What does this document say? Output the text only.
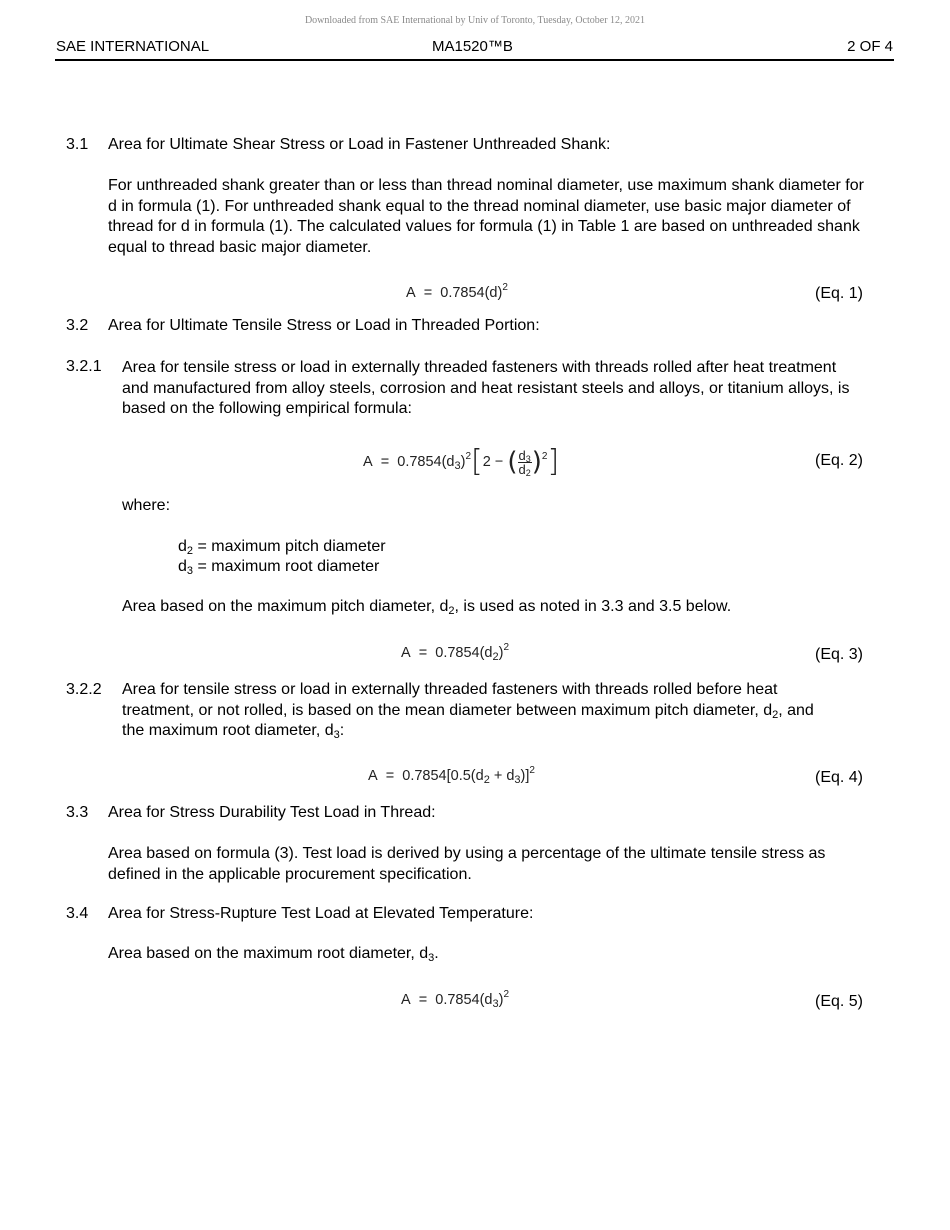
Downloaded from SAE International by Univ of Toronto, Tuesday, October 12, 2021
SAE INTERNATIONAL	MA1520™B	2 OF 4
3.1 Area for Ultimate Shear Stress or Load in Fastener Unthreaded Shank:
For unthreaded shank greater than or less than thread nominal diameter, use maximum shank diameter for d in formula (1). For unthreaded shank equal to the thread nominal diameter, use basic major diameter of thread for d in formula (1). The calculated values for formula (1) in Table 1 are based on unthreaded shank equal to thread basic major diameter.
$A = 0.7854(d)^2$	(Eq. 1)
3.2 Area for Ultimate Tensile Stress or Load in Threaded Portion:
3.2.1 Area for tensile stress or load in externally threaded fasteners with threads rolled after heat treatment and manufactured from alloy steels, corrosion and heat resistant steels and alloys, or titanium alloys, is based on the following empirical formula:
$A = 0.7854(d_3)^2[2$ − ( $\frac{d_3}{d_2} )^2$]	(Eq. 2)
where:
$d_2$ = maximum pitch diameter
$d_3$ = maximum root diameter
Area based on the maximum pitch diameter, $d_2$, is used as noted in 3.3 and 3.5 below.
$A = 0.7854(d_2)^2$	(Eq. 3)
3.2.2 Area for tensile stress or load in externally threaded fasteners with threads rolled before heat
treatment, or not rolled, is based on the mean diameter between maximum pitch diameter, $d_2$, and
the maximum root diameter, $d_3$:
$A = 0.7854[0.5(d_2 + d_3)]^2$	(Eq. 4)
3.3 Area for Stress Durability Test Load in Thread:
Area based on formula (3). Test load is derived by using a percentage of the ultimate tensile stress as defined in the applicable procurement specification.
3.4 Area for Stress-Rupture Test Load at Elevated Temperature:
Area based on the maximum root diameter, $d_3$.
$A = 0.7854(d_3)^2$	(Eq. 5)
